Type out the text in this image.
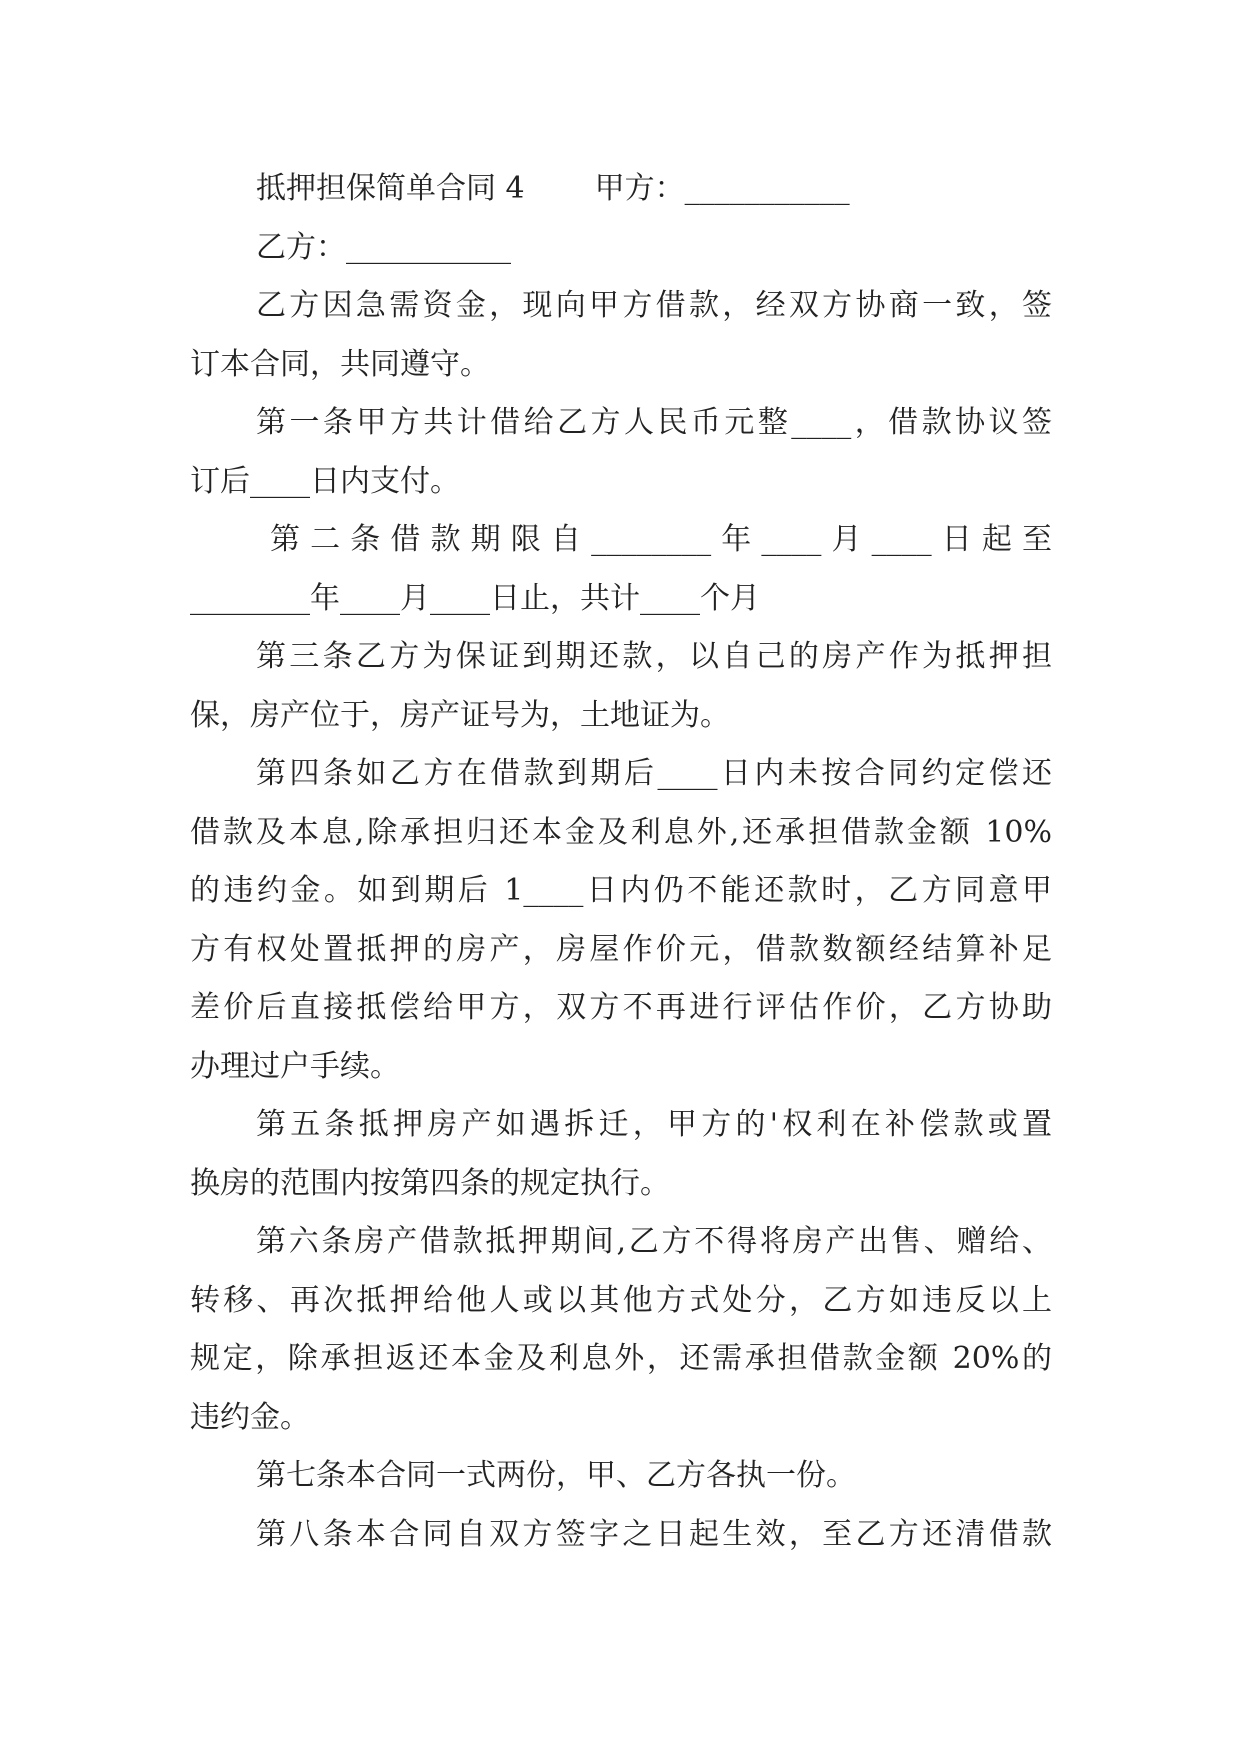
抵押担保简单合同 4 甲方：___________
乙方：___________
乙方因急需资金，现向甲方借款，经双方协商一致，签
订本合同，共同遵守。
第一条甲方共计借给乙方人民币元整____，借款协议签
订后____日内支付。
第二条借款期限自________年____月____日起至
________年____月____日止，共计____个月
第三条乙方为保证到期还款，以自己的房产作为抵押担
保，房产位于，房产证号为，土地证为。
第四条如乙方在借款到期后____日内未按合同约定偿还
借款及本息,除承担归还本金及利息外,还承担借款金额 10%
的违约金。如到期后 1____日内仍不能还款时，乙方同意甲
方有权处置抵押的房产，房屋作价元，借款数额经结算补足
差价后直接抵偿给甲方，双方不再进行评估作价，乙方协助
办理过户手续。
第五条抵押房产如遇拆迁，甲方的'权利在补偿款或置
换房的范围内按第四条的规定执行。
第六条房产借款抵押期间,乙方不得将房产出售、赠给、
转移、再次抵押给他人或以其他方式处分，乙方如违反以上
规定，除承担返还本金及利息外，还需承担借款金额 20%的
违约金。
第七条本合同一式两份，甲、乙方各执一份。
第八条本合同自双方签字之日起生效，至乙方还清借款
